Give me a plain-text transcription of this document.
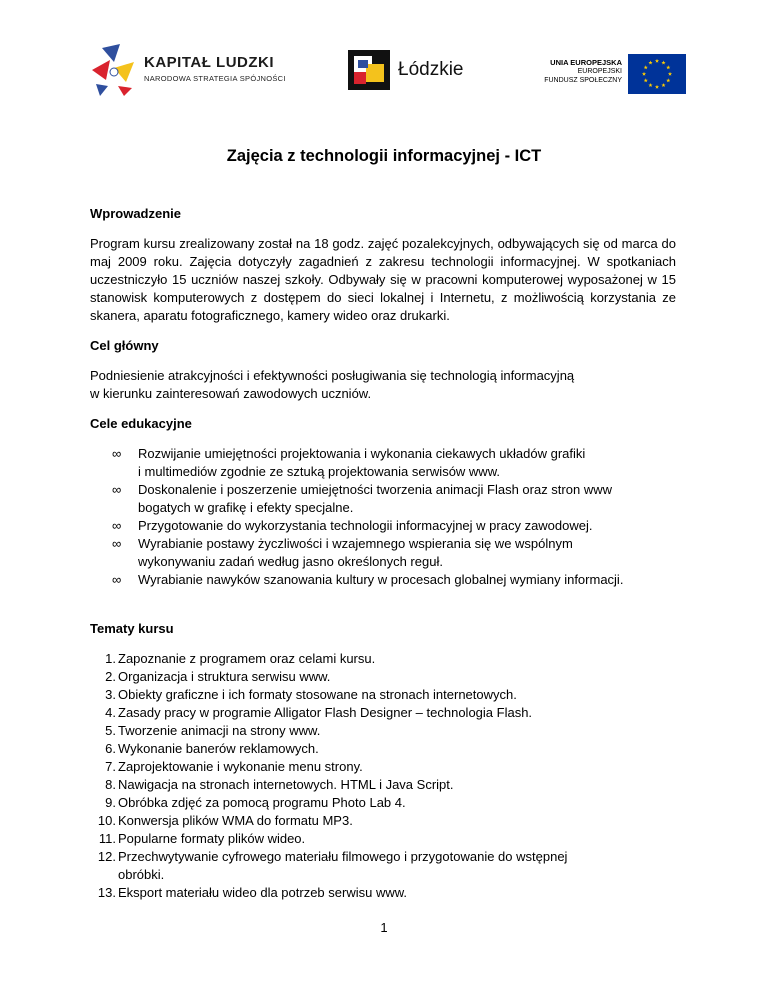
KAPITAŁ LUDZKI
NARODOWA STRATEGIA SPÓJNOŚCI	Łódzkie	UNIA EUROPEJSKA
EUROPEJSKI
FUNDUSZ SPOŁECZNY
Zajęcia z technologii informacyjnej - ICT
Wprowadzenie

Program kursu zrealizowany został na 18 godz. zajęć pozalekcyjnych, odbywających się od marca do maj 2009 roku. Zajęcia dotyczyły zagadnień z zakresu technologii informacyjnej. W spotkaniach uczestniczyło 15 uczniów naszej szkoły. Odbywały się w pracowni komputerowej wyposażonej w 15 stanowisk komputerowych z dostępem do sieci lokalnej i Internetu, z możliwością korzystania ze skanera, aparatu fotograficznego, kamery wideo oraz drukarki.

Cel główny

Podniesienie atrakcyjności i efektywności posługiwania się technologią informacyjną
w kierunku zainteresowań zawodowych uczniów.

Cele edukacyjne
∞ Rozwijanie umiejętności projektowania i wykonania ciekawych układów grafiki
i multimediów zgodnie ze sztuką projektowania serwisów www.
∞ Doskonalenie i poszerzenie umiejętności tworzenia animacji Flash oraz stron www
bogatych w grafikę i efekty specjalne.
∞ Przygotowanie do wykorzystania technologii informacyjnej w pracy zawodowej.
∞ Wyrabianie postawy życzliwości i wzajemnego wspierania się we wspólnym
wykonywaniu zadań według jasno określonych reguł.
∞ Wyrabianie nawyków szanowania kultury w procesach globalnej wymiany informacji.
Tematy kursu
1. Zapoznanie z programem oraz celami kursu.
2. Organizacja i struktura serwisu www.
3. Obiekty graficzne i ich formaty stosowane na stronach internetowych.
4. Zasady pracy w programie Alligator Flash Designer – technologia Flash.
5. Tworzenie animacji na strony www.
6. Wykonanie banerów reklamowych.
7. Zaprojektowanie i wykonanie menu strony.
8. Nawigacja na stronach internetowych. HTML i Java Script.
9. Obróbka zdjęć za pomocą programu Photo Lab 4.
10. Konwersja plików WMA do formatu MP3.
11. Popularne formaty plików wideo.
12. Przechwytywanie cyfrowego materiału filmowego i przygotowanie do wstępnej
obróbki.
13. Eksport materiału wideo dla potrzeb serwisu www.
1
